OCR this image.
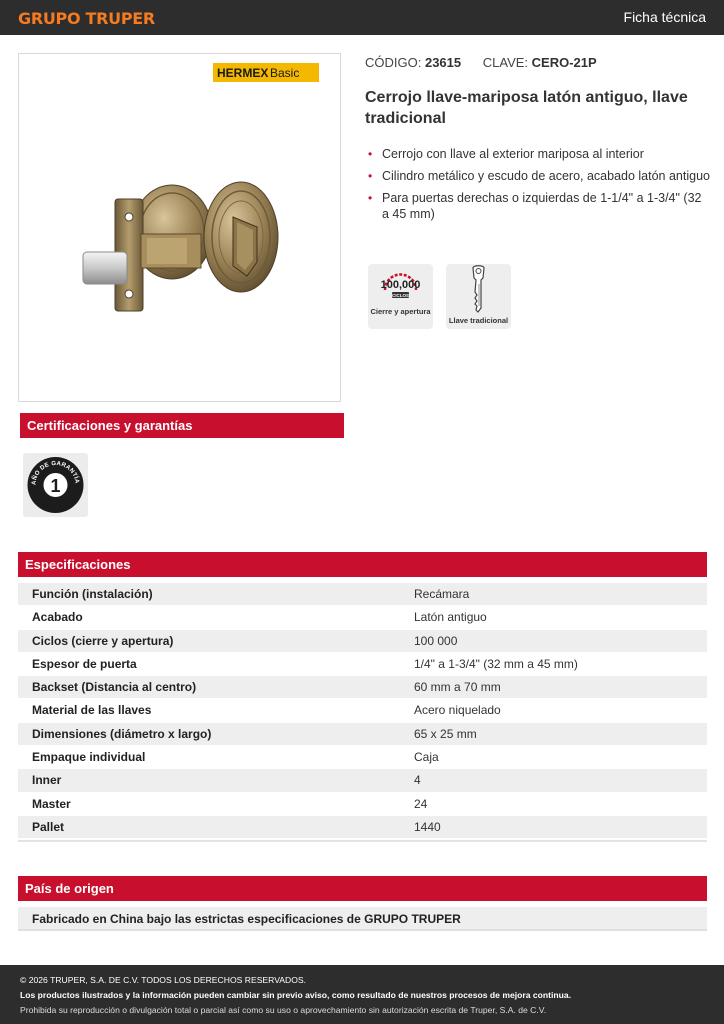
GRUPO TRUPER	Ficha técnica
HERMEX Basic
CÓDIGO: 23615 CLAVE: CERO-21P
Cerrojo llave-mariposa latón antiguo, llave tradicional
• Cerrojo con llave al exterior mariposa al interior
• Cilindro metálico y escudo de acero, acabado latón antiguo
• Para puertas derechas o izquierdas de 1-1/4" a 1-3/4" (32 a 45 mm)
100,000
CICLOS
Cierre y apertura
Llave tradicional
Certificaciones y garantías
AÑO DE GARANTÍA
1
Especificaciones
Función (instalación)	Recámara
Acabado	Latón antiguo
Ciclos (cierre y apertura)	100 000
Espesor de puerta	1/4" a 1-3/4" (32 mm a 45 mm)
Backset (Distancia al centro)	60 mm a 70 mm
Material de las llaves	Acero niquelado
Dimensiones (diámetro x largo)	65 x 25 mm
Empaque individual	Caja
Inner	4
Master	24
Pallet	1440
País de origen
Fabricado en China bajo las estrictas especificaciones de GRUPO TRUPER
© 2026 TRUPER, S.A. DE C.V. TODOS LOS DERECHOS RESERVADOS.
Los productos ilustrados y la información pueden cambiar sin previo aviso, como resultado de nuestros procesos de mejora continua.
Prohibida su reproducción o divulgación total o parcial así como su uso o aprovechamiento sin autorización escrita de Truper, S.A. de C.V.
